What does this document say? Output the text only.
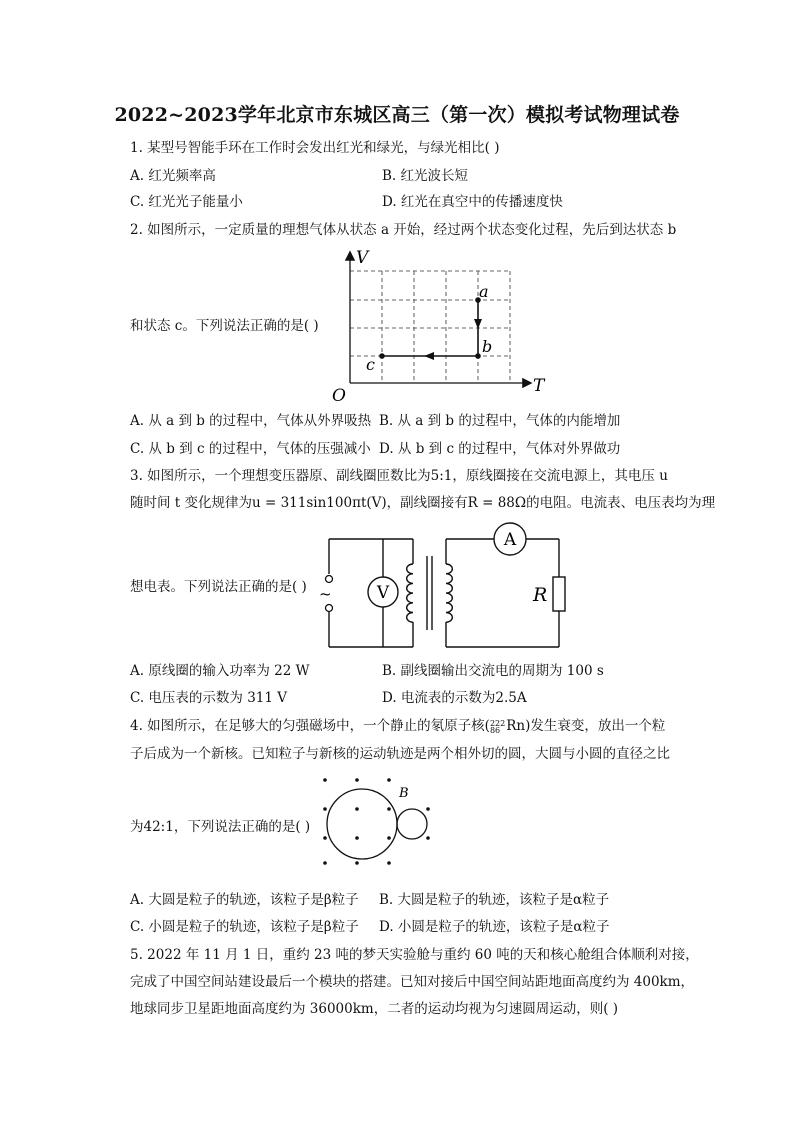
2022~2023学年北京市东城区高三（第一次）模拟考试物理试卷
1. 某型号智能手环在工作时会发出红光和绿光，与绿光相比( )
A. 红光频率高	B. 红光波长短
C. 红光光子能量小	D. 红光在真空中的传播速度快
2. 如图所示，一定质量的理想气体从状态 a 开始，经过两个状态变化过程，先后到达状态 b
和状态 c。下列说法正确的是( )
V
T
O
a
b
c
A. 从 a 到 b 的过程中，气体从外界吸热 B. 从 a 到 b 的过程中，气体的内能增加
C. 从 b 到 c 的过程中，气体的压强减小 D. 从 b 到 c 的过程中，气体对外界做功
3. 如图所示，一个理想变压器原、副线圈匝数比为5:1，原线圈接在交流电源上，其电压 u
随时间 t 变化规律为u = 311sin100πt(V)，副线圈接有R = 88Ω的电阻。电流表、电压表均为理
想电表。下列说法正确的是( ) ~	V
A
R
A. 原线圈的输入功率为 22 W	B. 副线圈输出交流电的周期为 100 s
C. 电压表的示数为 311 V	D. 电流表的示数为2.5A
4. 如图所示，在足够大的匀强磁场中，一个静止的氡原子核( 222
86 Rn)发生衰变，放出一个粒
子后成为一个新核。已知粒子与新核的运动轨迹是两个相外切的圆，大圆与小圆的直径之比
为42:1，下列说法正确的是( )
B
A. 大圆是粒子的轨迹，该粒子是β粒子 B. 大圆是粒子的轨迹，该粒子是α粒子
C. 小圆是粒子的轨迹，该粒子是β粒子 D. 小圆是粒子的轨迹，该粒子是α粒子
5. 2022 年 11 月 1 日，重约 23 吨的梦天实验舱与重约 60 吨的天和核心舱组合体顺利对接，
完成了中国空间站建设最后一个模块的搭建。已知对接后中国空间站距地面高度约为 400km，
地球同步卫星距地面高度约为 36000km，二者的运动均视为匀速圆周运动，则( )
